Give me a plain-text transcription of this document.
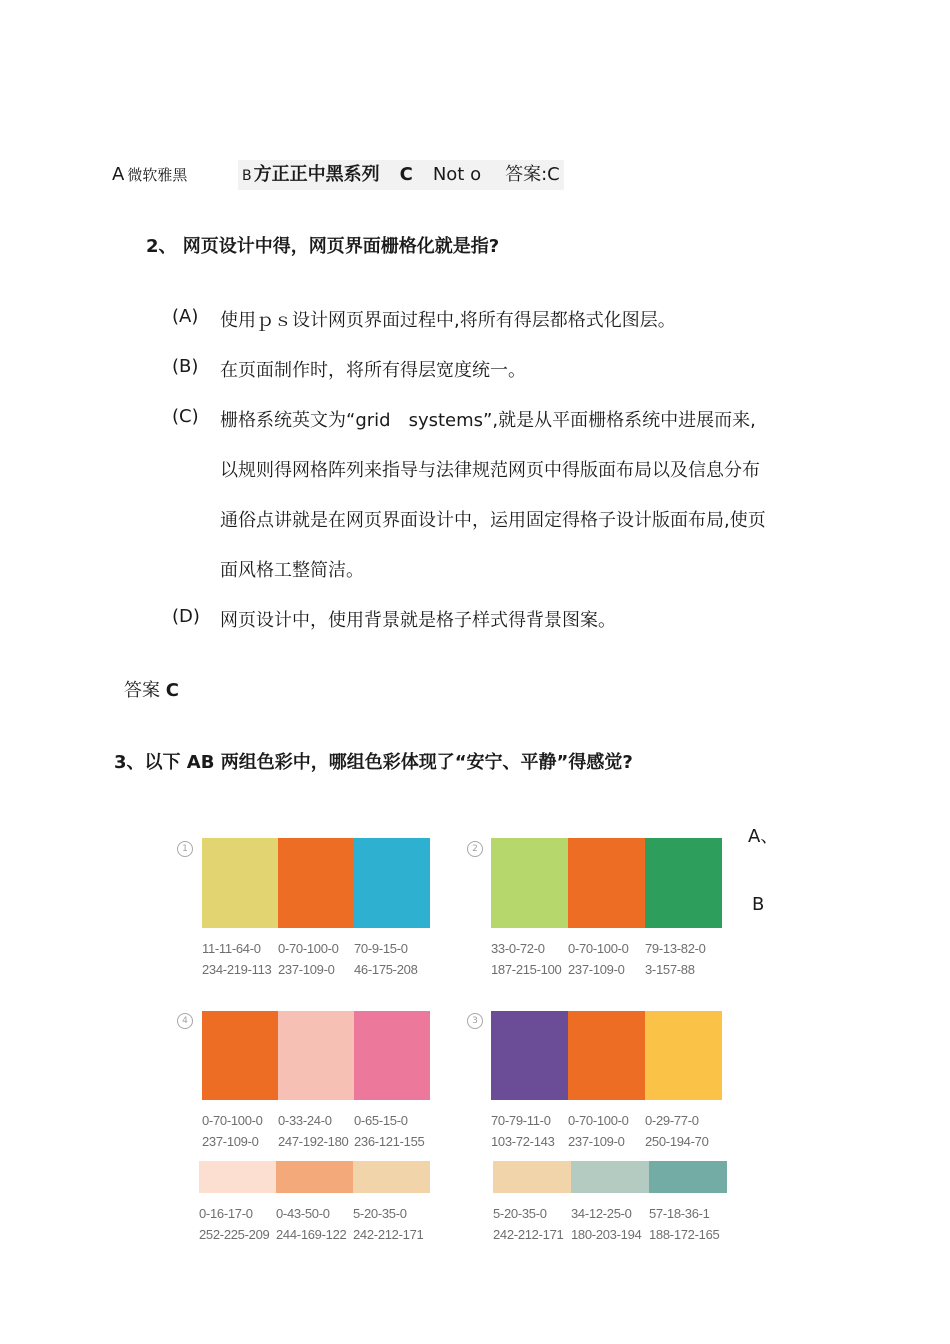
A 微软雅黑	B 方正正中黑系列 C Not o 答案:C
2、 网页设计中得，网页界面栅格化就是指?
(A) 使用ｐｓ设计网页界面过程中,将所有得层都格式化图层。
(B) 在页面制作时，将所有得层宽度统一。
(C) 栅格系统英文为“grid　systems”,就是从平面栅格系统中进展而来,
以规则得网格阵列来指导与法律规范网页中得版面布局以及信息分布
通俗点讲就是在网页界面设计中，运用固定得格子设计版面布局,使页
面风格工整简洁。
(D) 网页设计中，使用背景就是格子样式得背景图案。
答案 C
3、以下 AB 两组色彩中，哪组色彩体现了“安宁、平静”得感觉?
A、
B
1
11-11-64-0
234-219-113
0-70-100-0
237-109-0
70-9-15-0
46-175-208
2
33-0-72-0
187-215-100
0-70-100-0
237-109-0
79-13-82-0
3-157-88
4
0-70-100-0
237-109-0
0-33-24-0
247-192-180
0-65-15-0
236-121-155
0-16-17-0
252-225-209
0-43-50-0
244-169-122
5-20-35-0
242-212-171
3
70-79-11-0
103-72-143
0-70-100-0
237-109-0
0-29-77-0
250-194-70
5-20-35-0
242-212-171
34-12-25-0
180-203-194
57-18-36-1
188-172-165
